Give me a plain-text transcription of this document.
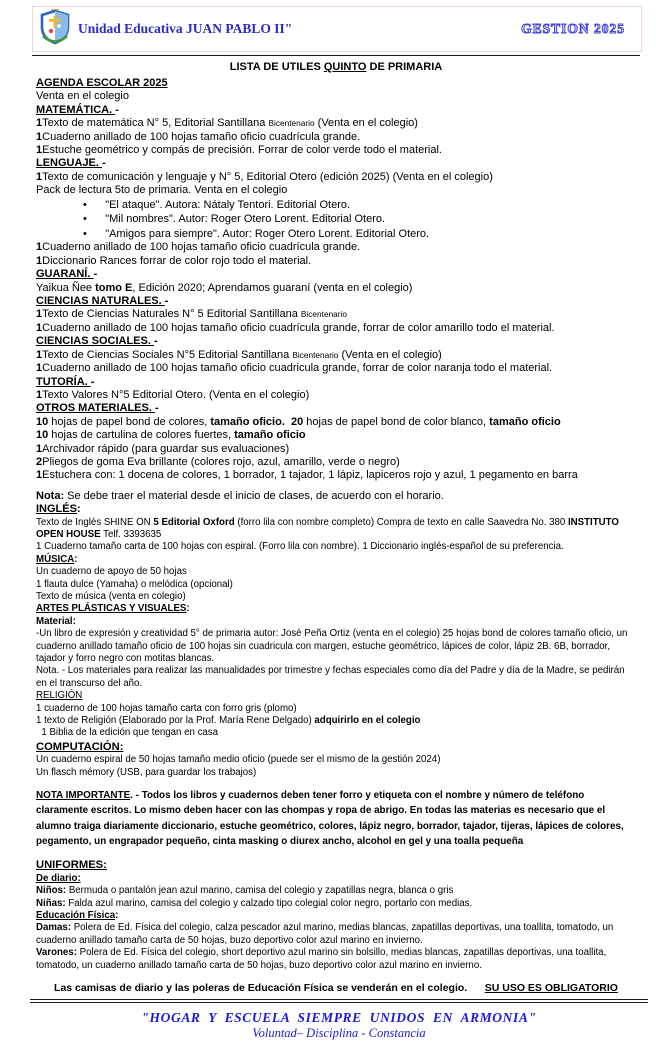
Unidad Educativa JUAN PABLO II"	GESTION 2025
LISTA DE UTILES QUINTO DE PRIMARIA
AGENDA ESCOLAR 2025
Venta en el colegio
MATEMÁTICA. -
1Texto de matemática N° 5, Editorial Santillana Bicentenario (Venta en el colegio)
1Cuaderno anillado de 100 hojas tamaño oficio cuadrícula grande.
1Estuche geométrico y compás de precisión. Forrar de color verde todo el material.
LENGUAJE. -
1Texto de comunicación y lenguaje y N° 5, Editorial Otero (edición 2025) (Venta en el colegio)
Pack de lectura 5to de primaria. Venta en el colegio
•      "El ataque". Autora: Nátaly Tentori. Editorial Otero.
•      "Mil nombres". Autor: Roger Otero Lorent. Editorial Otero.
•      "Amigos para siempre". Autor: Roger Otero Lorent. Editorial Otero.
1Cuaderno anillado de 100 hojas tamaño oficio cuadrícula grande.
1Diccionario Rances forrar de color rojo todo el material.
GUARANÍ. -
Yaikua Ñee tomo E, Edición 2020; Aprendamos guaraní (venta en el colegio)
CIENCIAS NATURALES. -
1Texto de Ciencias Naturales N° 5 Editorial Santillana Bicentenario
1Cuaderno anillado de 100 hojas tamaño oficio cuadrícula grande, forrar de color amarillo todo el material.
CIENCIAS SOCIALES. -
1Texto de Ciencias Sociales N°5 Editorial Santillana Bicentenario (Venta en el colegio)
1Cuaderno anillado de 100 hojas tamaño oficio cuadricula grande, forrar de color naranja todo el material.
TUTORÍA. -
1Texto Valores N°5 Editorial Otero. (Venta en el colegio)
OTROS MATERIALES. -
10 hojas de papel bond de colores, tamaño oficio. 20 hojas de papel bond de color blanco, tamaño oficio
10 hojas de cartulina de colores fuertes, tamaño oficio
1Archivador rápido (para guardar sus evaluaciones)
2Pliegos de goma Eva brillante (colores rojo, azul, amarillo, verde o negro)
1Estuchera con: 1 docena de colores, 1 borrador, 1 tajador, 1 lápiz, lapiceros rojo y azul, 1 pegamento en barra
Nota: Se debe traer el material desde el inicio de clases, de acuerdo con el horario.
INGLÉS:
Texto de Inglés SHINE ON 5 Editorial Oxford (forro lila con nombre completo) Compra de texto en calle Saavedra No. 380 INSTITUTO OPEN HOUSE Telf. 3393635
1 Cuaderno tamaño carta de 100 hojas con espiral. (Forro lila con nombre). 1 Diccionario inglés-español de su preferencia.
MÚSICA:
Un cuaderno de apoyo de 50 hojas
1 flauta dulce (Yamaha) o melódica (opcional)
Texto de música (venta en colegio)
ARTES PLÁSTICAS Y VISUALES:
Material:
-Un libro de expresión y creatividad 5° de primaria autor: José Peña Ortiz (venta en el colegio) 25 hojas bond de colores tamaño oficio, un cuaderno anillado tamaño oficio de 100 hojas sin cuadricula con margen, estuche geométrico, lápices de color, lápiz 2B. 6B, borrador, tajador y forro negro con motitas blancas.
Nota. - Los materiales para realizar las manualidades por trimestre y fechas especiales como día del Padre y día de la Madre, se pedirán en el transcurso del año.
RELIGIÓN
1 cuaderno de 100 hojas tamaño carta con forro gris (plomo)
1 texto de Religión (Elaborado por la Prof. María Rene Delgado) adquirirlo en el colegio
1 Biblia de la edición que tengan en casa
COMPUTACIÓN:
Un cuaderno espiral de 50 hojas tamaño medio oficio (puede ser el mismo de la gestión 2024)
Un flasch mémory (USB, para guardar los trabajos)
NOTA IMPORTANTE. - Todos los libros y cuadernos deben tener forro y etiqueta con el nombre y número de teléfono claramente escritos. Lo mismo deben hacer con las chompas y ropa de abrigo. En todas las materias es necesario que el alumno traiga diariamente diccionario, estuche geométrico, colores, lápiz negro, borrador, tajador, tijeras, lápices de colores, pegamento, un engrapador pequeño, cinta masking o diurex ancho, alcohol en gel y una toalla pequeña
UNIFORMES:
De diario:
Niños: Bermuda o pantalón jean azul marino, camisa del colegio y zapatillas negra, blanca o gris
Niñas: Falda azul marino, camisa del colegio y calzado tipo colegial color negro, portarlo con medias.
Educación Física:
Damas: Polera de Ed. Física del colegio, calza pescador azul marino, medias blancas, zapatillas deportivas, una toallita, tomatodo, un cuaderno anillado tamaño carta de 50 hojas, buzo deportivo color azul marino en invierno.
Varones: Polera de Ed. Física del colegio, short deportivo azul marino sin bolsillo, medias blancas, zapatillas deportivas, una toallita, tomatodo, un cuaderno anillado tamaño carta de 50 hojas, buzo deportivo color azul marino en invierno.
Las camisas de diario y las poleras de Educación Física se venderán en el colegio. SU USO ES OBLIGATORIO
"HOGAR Y ESCUELA SIEMPRE UNIDOS EN ARMONIA"
Voluntad– Disciplina - Constancia
